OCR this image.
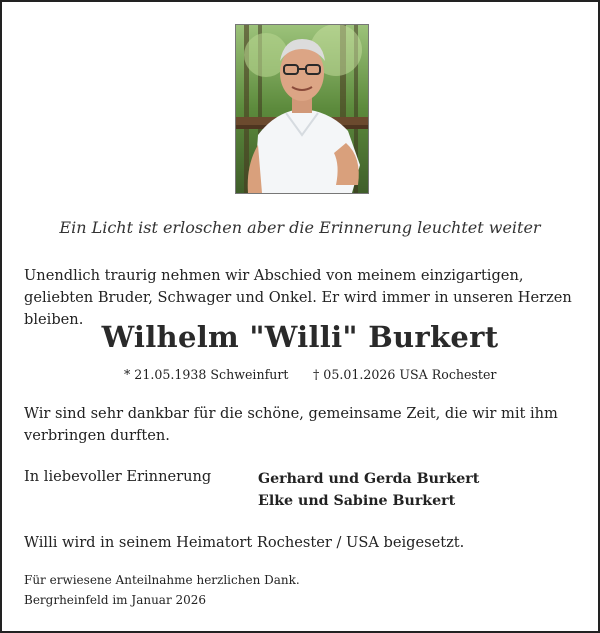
Ein Licht ist erloschen aber die Erinnerung leuchtet weiter
Unendlich traurig nehmen wir Abschied von meinem einzigartigen, geliebten Bruder, Schwager und Onkel. Er wird immer in unseren Herzen bleiben.
Wilhelm "Willi" Burkert
* 21.05.1938 Schweinfurt † 05.01.2026 USA Rochester
Wir sind sehr dankbar für die schöne, gemeinsame Zeit, die wir mit ihm verbringen durften.
In liebevoller Erinnerung	Gerhard und Gerda Burkert
Elke und Sabine Burkert
Willi wird in seinem Heimatort Rochester / USA beigesetzt.
Für erwiesene Anteilnahme herzlichen Dank.
Bergrheinfeld im Januar 2026
